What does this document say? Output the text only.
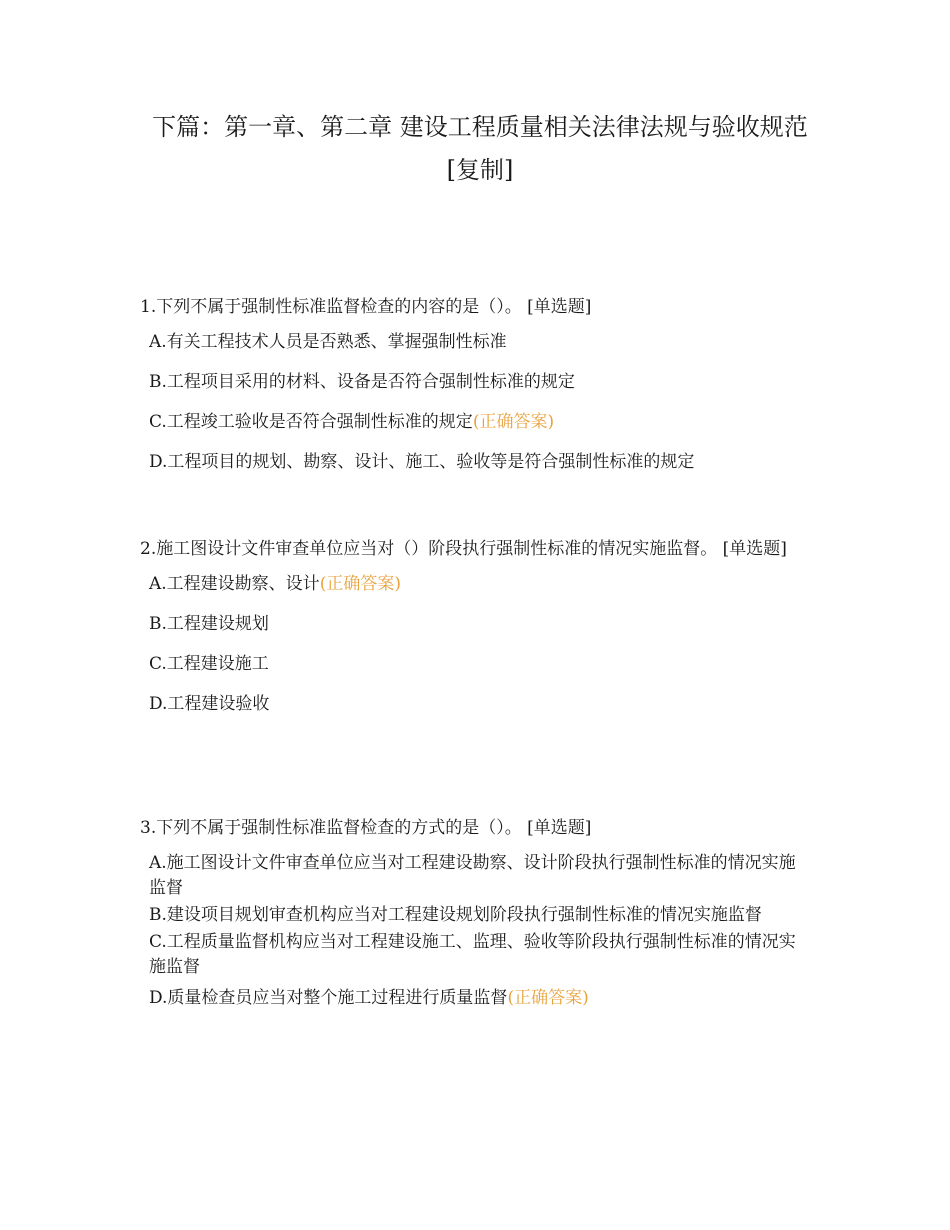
下篇：第一章、第二章 建设工程质量相关法律法规与验收规范[复制]

1.下列不属于强制性标准监督检查的内容的是（）。 [单选题]

A.有关工程技术人员是否熟悉、掌握强制性标准
B.工程项目采用的材料、设备是否符合强制性标准的规定
C.工程竣工验收是否符合强制性标准的规定(正确答案)
D.工程项目的规划、勘察、设计、施工、验收等是符合强制性标准的规定

2.施工图设计文件审查单位应当对（）阶段执行强制性标准的情况实施监督。 [单选题]

A.工程建设勘察、设计(正确答案)
B.工程建设规划
C.工程建设施工
D.工程建设验收

3.下列不属于强制性标准监督检查的方式的是（）。 [单选题]

A.施工图设计文件审查单位应当对工程建设勘察、设计阶段执行强制性标准的情况实施监督
B.建设项目规划审查机构应当对工程建设规划阶段执行强制性标准的情况实施监督
C.工程质量监督机构应当对工程建设施工、监理、验收等阶段执行强制性标准的情况实施监督
D.质量检查员应当对整个施工过程进行质量监督(正确答案)
